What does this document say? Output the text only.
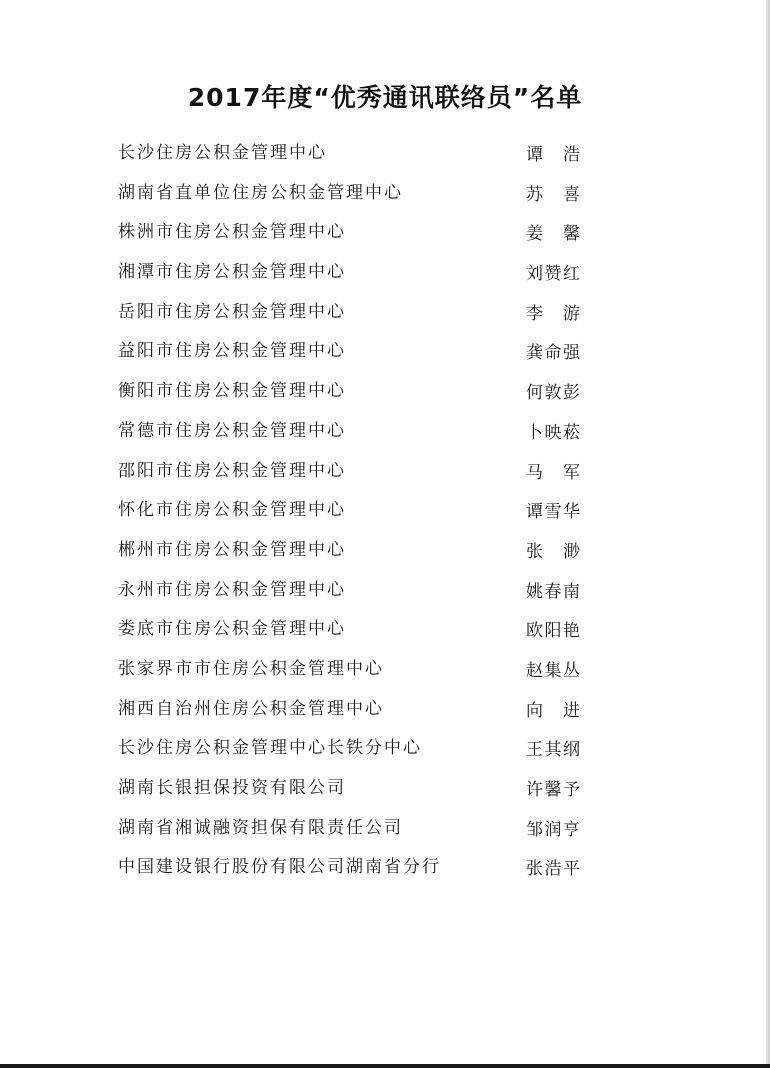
2017年度“优秀通讯联络员”名单
长沙住房公积金管理中心	谭浩
湖南省直单位住房公积金管理中心	苏喜
株洲市住房公积金管理中心	姜馨
湘潭市住房公积金管理中心	刘赞红
岳阳市住房公积金管理中心	李游
益阳市住房公积金管理中心	龚命强
衡阳市住房公积金管理中心	何敦彭
常德市住房公积金管理中心	卜映菘
邵阳市住房公积金管理中心	马军
怀化市住房公积金管理中心	谭雪华
郴州市住房公积金管理中心	张渺
永州市住房公积金管理中心	姚春南
娄底市住房公积金管理中心	欧阳艳
张家界市市住房公积金管理中心	赵集丛
湘西自治州住房公积金管理中心	向进
长沙住房公积金管理中心长铁分中心	王其纲
湖南长银担保投资有限公司	许馨予
湖南省湘诚融资担保有限责任公司	邹润亨
中国建设银行股份有限公司湖南省分行	张浩平
